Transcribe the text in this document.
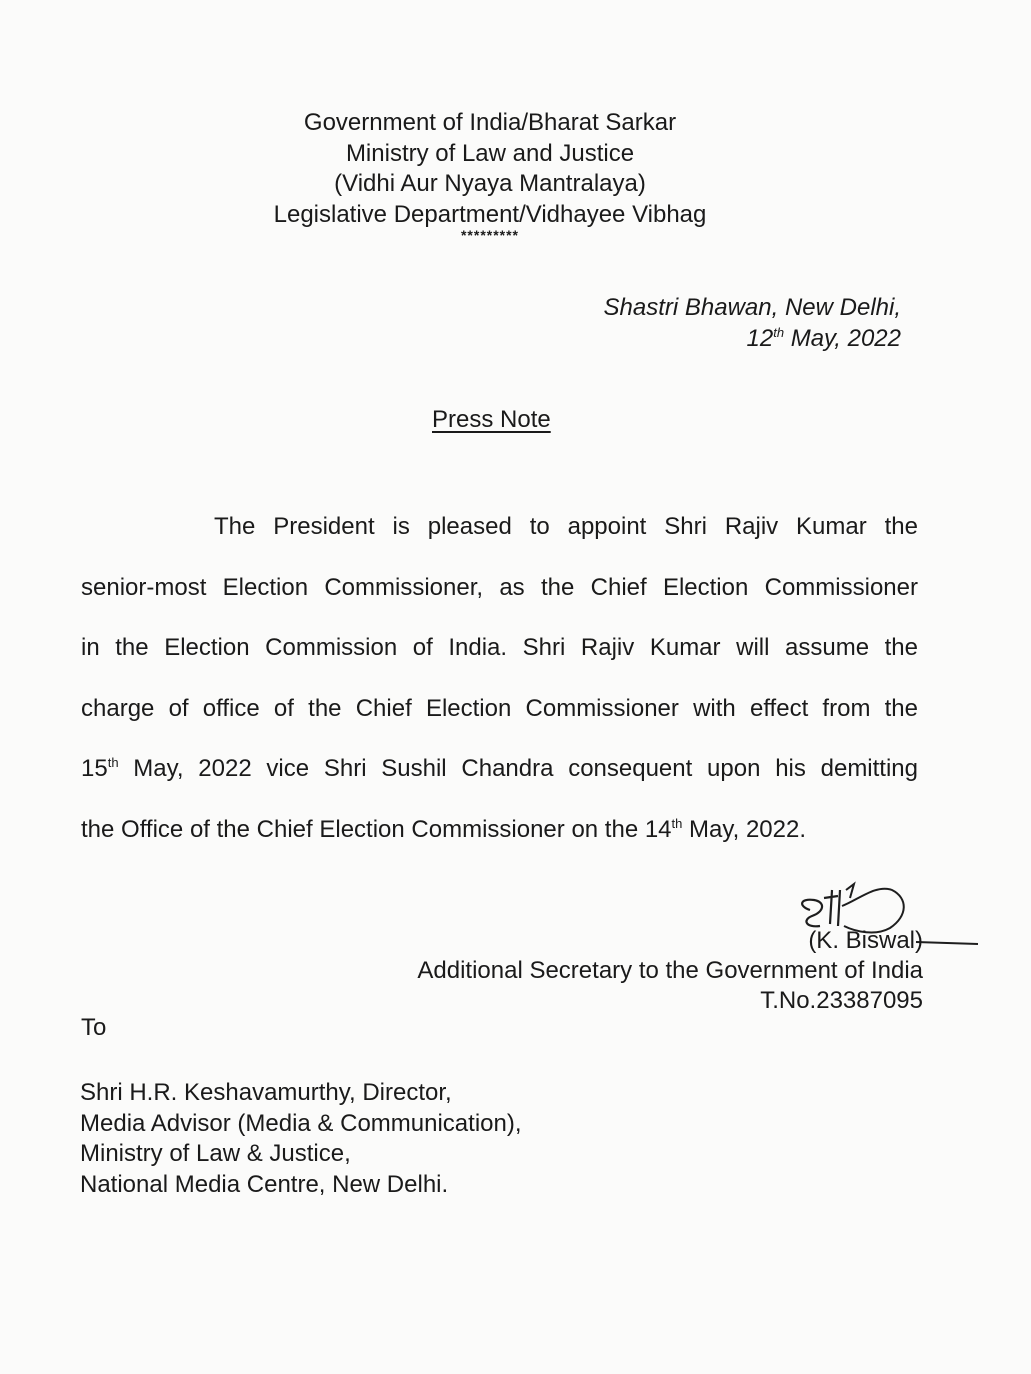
Government of India/Bharat Sarkar
Ministry of Law and Justice
(Vidhi Aur Nyaya Mantralaya)
Legislative Department/Vidhayee Vibhag
*********
Shastri Bhawan, New Delhi,
12th May, 2022
Press Note
The President is pleased to appoint Shri Rajiv Kumar the
senior-most Election Commissioner, as the Chief Election Commissioner
in the Election Commission of India. Shri Rajiv Kumar will assume the
charge of office of the Chief Election Commissioner with effect from the
15th May, 2022 vice Shri Sushil Chandra consequent upon his demitting
the Office of the Chief Election Commissioner on the 14th May, 2022.
(K. Biswal)
Additional Secretary to the Government of India
T.No.23387095
To
Shri H.R. Keshavamurthy, Director,
Media Advisor (Media & Communication),
Ministry of Law & Justice,
National Media Centre, New Delhi.
